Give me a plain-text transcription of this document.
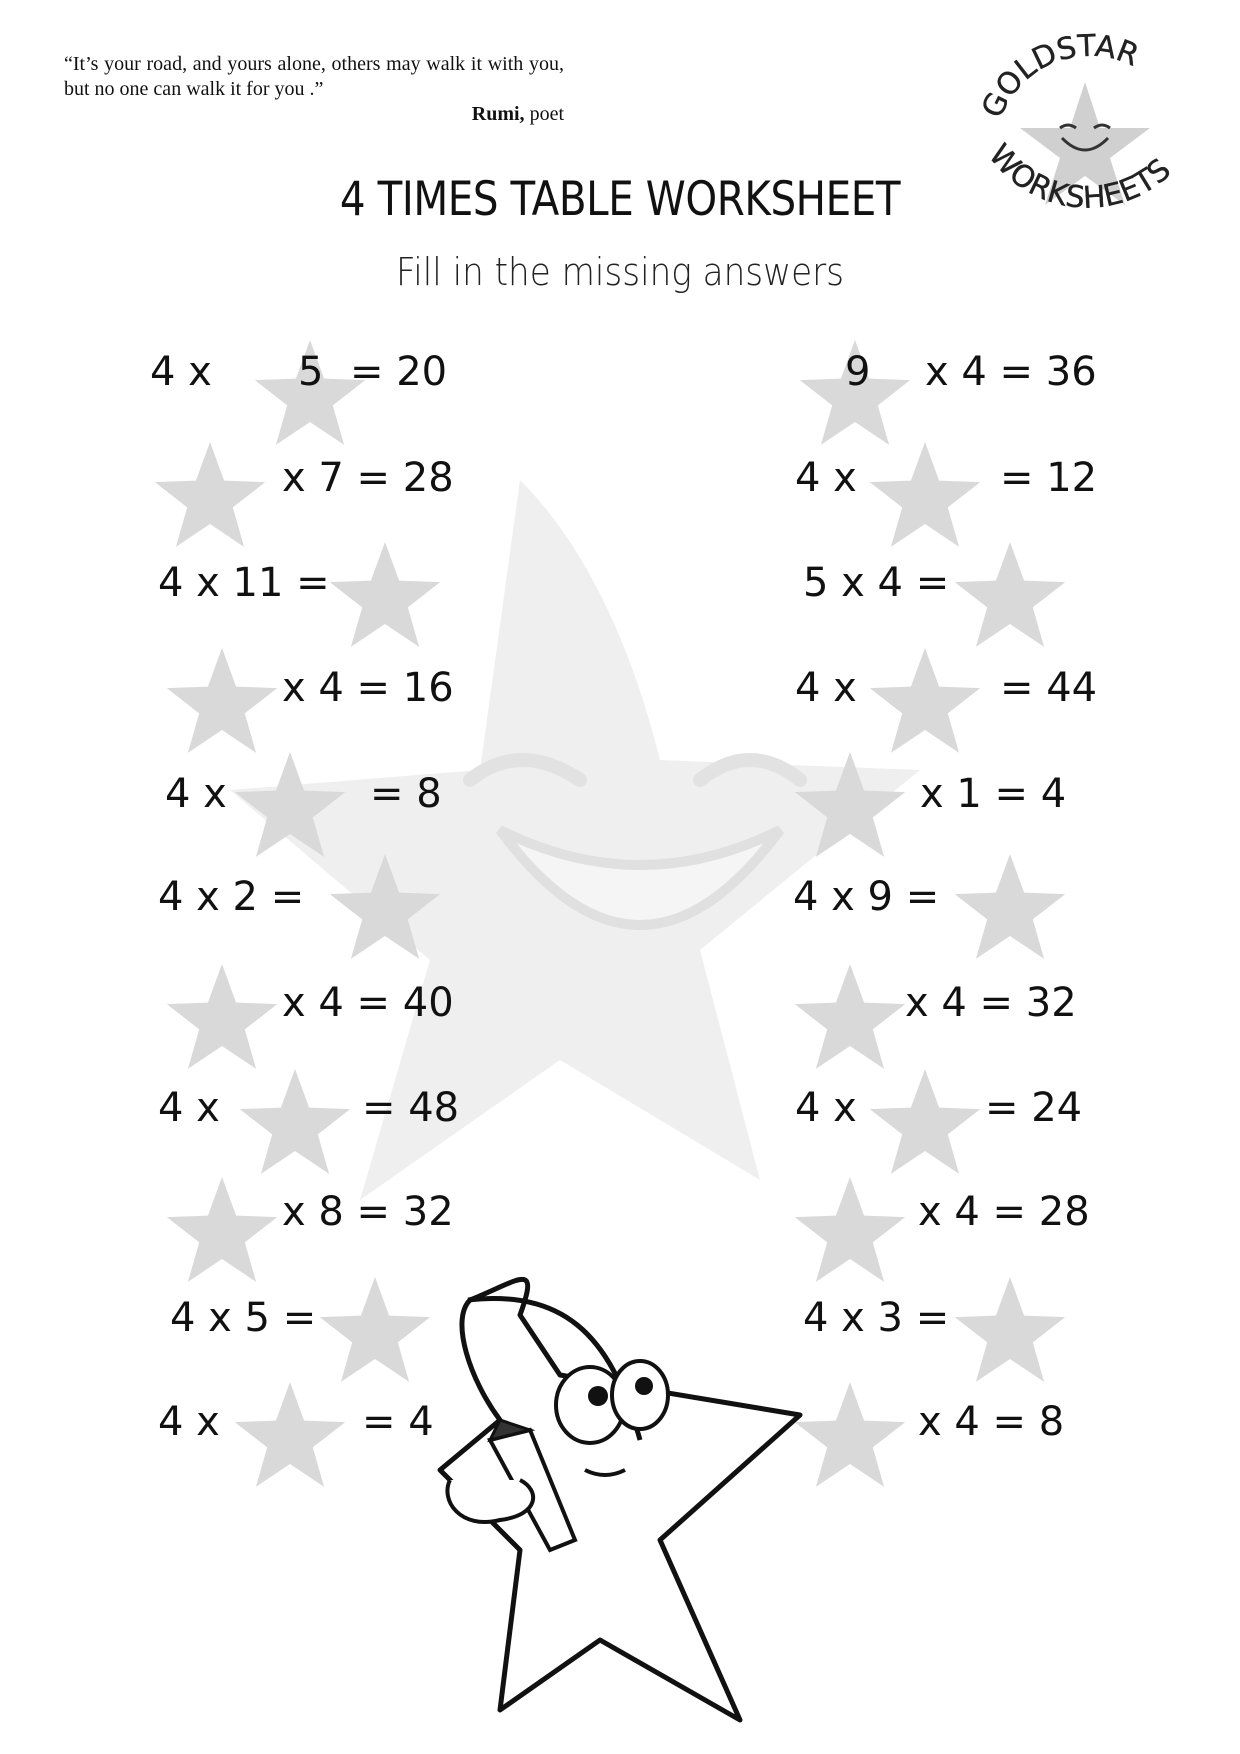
GOLDSTAR
WORKSHEETS
“It’s your road, and yours alone, others may walk it with you, but no one can walk it for you .”
Rumi, poet
4 TIMES TABLE WORKSHEET

Fill in the missing answers

4 x 5 = 20
x 7 = 28
4 x 11 =
x 4 = 16
4 x	= 8
4 x 2 =
x 4 = 40
4 x	= 48
x 8 = 32
4 x 5 =
4 x	= 4
9 x 4 = 36
4 x	= 12
5 x 4 =
4 x	= 44
x 1 = 4
4 x 9 =
x 4 = 32
4 x	= 24
x 4 = 28
4 x 3 =
x 4 = 8
